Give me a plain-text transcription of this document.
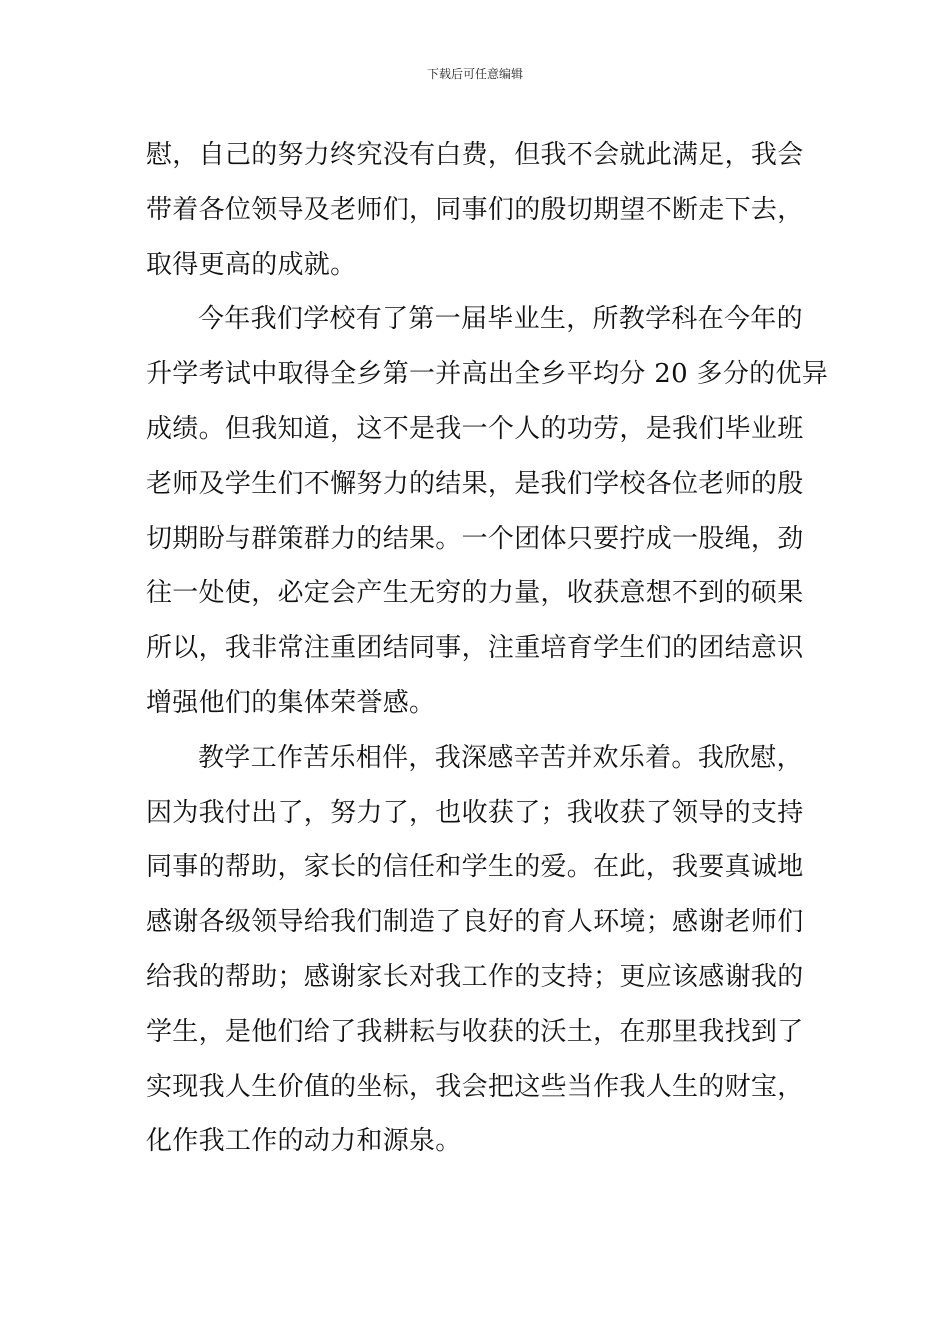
下载后可任意编辑
慰，自己的努力终究没有白费，但我不会就此满足，我会
带着各位领导及老师们，同事们的殷切期望不断走下去，
取得更高的成就。
今年我们学校有了第一届毕业生，所教学科在今年的
升学考试中取得全乡第一并高出全乡平均分 20 多分的优异
成绩。但我知道，这不是我一个人的功劳，是我们毕业班
老师及学生们不懈努力的结果，是我们学校各位老师的殷
切期盼与群策群力的结果。一个团体只要拧成一股绳，劲
往一处使，必定会产生无穷的力量，收获意想不到的硕果
所以，我非常注重团结同事，注重培育学生们的团结意识
增强他们的集体荣誉感。
教学工作苦乐相伴，我深感辛苦并欢乐着。我欣慰，
因为我付出了，努力了，也收获了；我收获了领导的支持
同事的帮助，家长的信任和学生的爱。在此，我要真诚地
感谢各级领导给我们制造了良好的育人环境；感谢老师们
给我的帮助；感谢家长对我工作的支持；更应该感谢我的
学生，是他们给了我耕耘与收获的沃土，在那里我找到了
实现我人生价值的坐标，我会把这些当作我人生的财宝，
化作我工作的动力和源泉。
